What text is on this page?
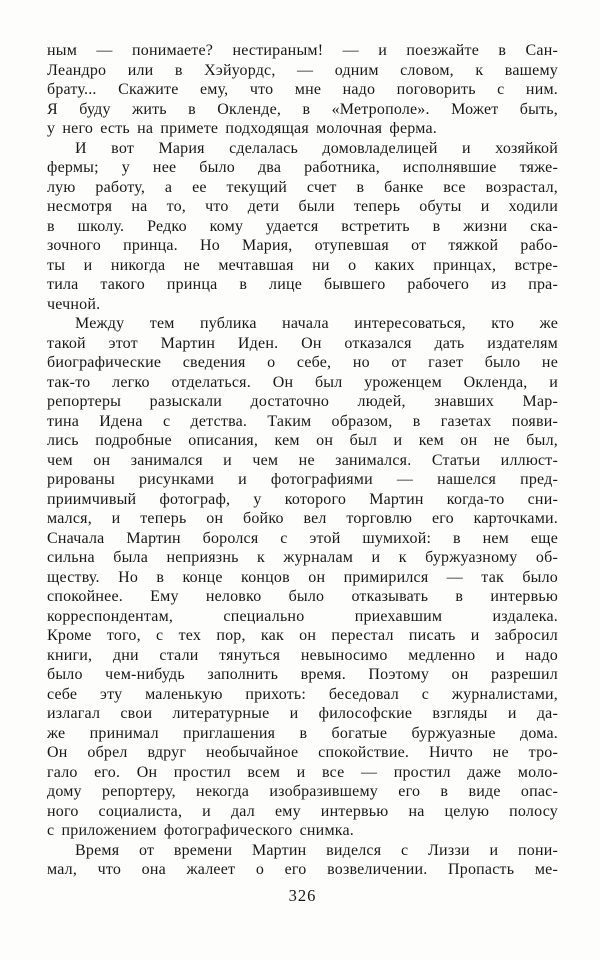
ным — понимаете? нестираным! — и поезжайте в Сан-
Леандро или в Хэйуордс, — одним словом, к вашему
брату... Скажите ему, что мне надо поговорить с ним.
Я буду жить в Окленде, в «Метрополе». Может быть,
у него есть на примете подходящая молочная ферма.
И вот Мария сделалась домовладелицей и хозяйкой
фермы; у нее было два работника, исполнявшие тяже-
лую работу, а ее текущий счет в банке все возрастал,
несмотря на то, что дети были теперь обуты и ходили
в школу. Редко кому удается встретить в жизни ска-
зочного принца. Но Мария, отупевшая от тяжкой рабо-
ты и никогда не мечтавшая ни о каких принцах, встре-
тила такого принца в лице бывшего рабочего из пра-
чечной.
Между тем публика начала интересоваться, кто же
такой этот Мартин Иден. Он отказался дать издателям
биографические сведения о себе, но от газет было не
так-то легко отделаться. Он был уроженцем Окленда, и
репортеры разыскали достаточно людей, знавших Мар-
тина Идена с детства. Таким образом, в газетах появи-
лись подробные описания, кем он был и кем он не был,
чем он занимался и чем не занимался. Статьи иллюст-
рированы рисунками и фотографиями — нашелся пред-
приимчивый фотограф, у которого Мартин когда-то сни-
мался, и теперь он бойко вел торговлю его карточками.
Сначала Мартин боролся с этой шумихой: в нем еще
сильна была неприязнь к журналам и к буржуазному об-
ществу. Но в конце концов он примирился — так было
спокойнее. Ему неловко было отказывать в интервью
корреспондентам, специально приехавшим издалека.
Кроме того, с тех пор, как он перестал писать и забросил
книги, дни стали тянуться невыносимо медленно и надо
было чем-нибудь заполнить время. Поэтому он разрешил
себе эту маленькую прихоть: беседовал с журналистами,
излагал свои литературные и философские взгляды и да-
же принимал приглашения в богатые буржуазные дома.
Он обрел вдруг необычайное спокойствие. Ничто не тро-
гало его. Он простил всем и все — простил даже моло-
дому репортеру, некогда изобразившему его в виде опас-
ного социалиста, и дал ему интервью на целую полосу
с приложением фотографического снимка.
Время от времени Мартин виделся с Лиззи и пони-
мал, что она жалеет о его возвеличении. Пропасть ме-
326
